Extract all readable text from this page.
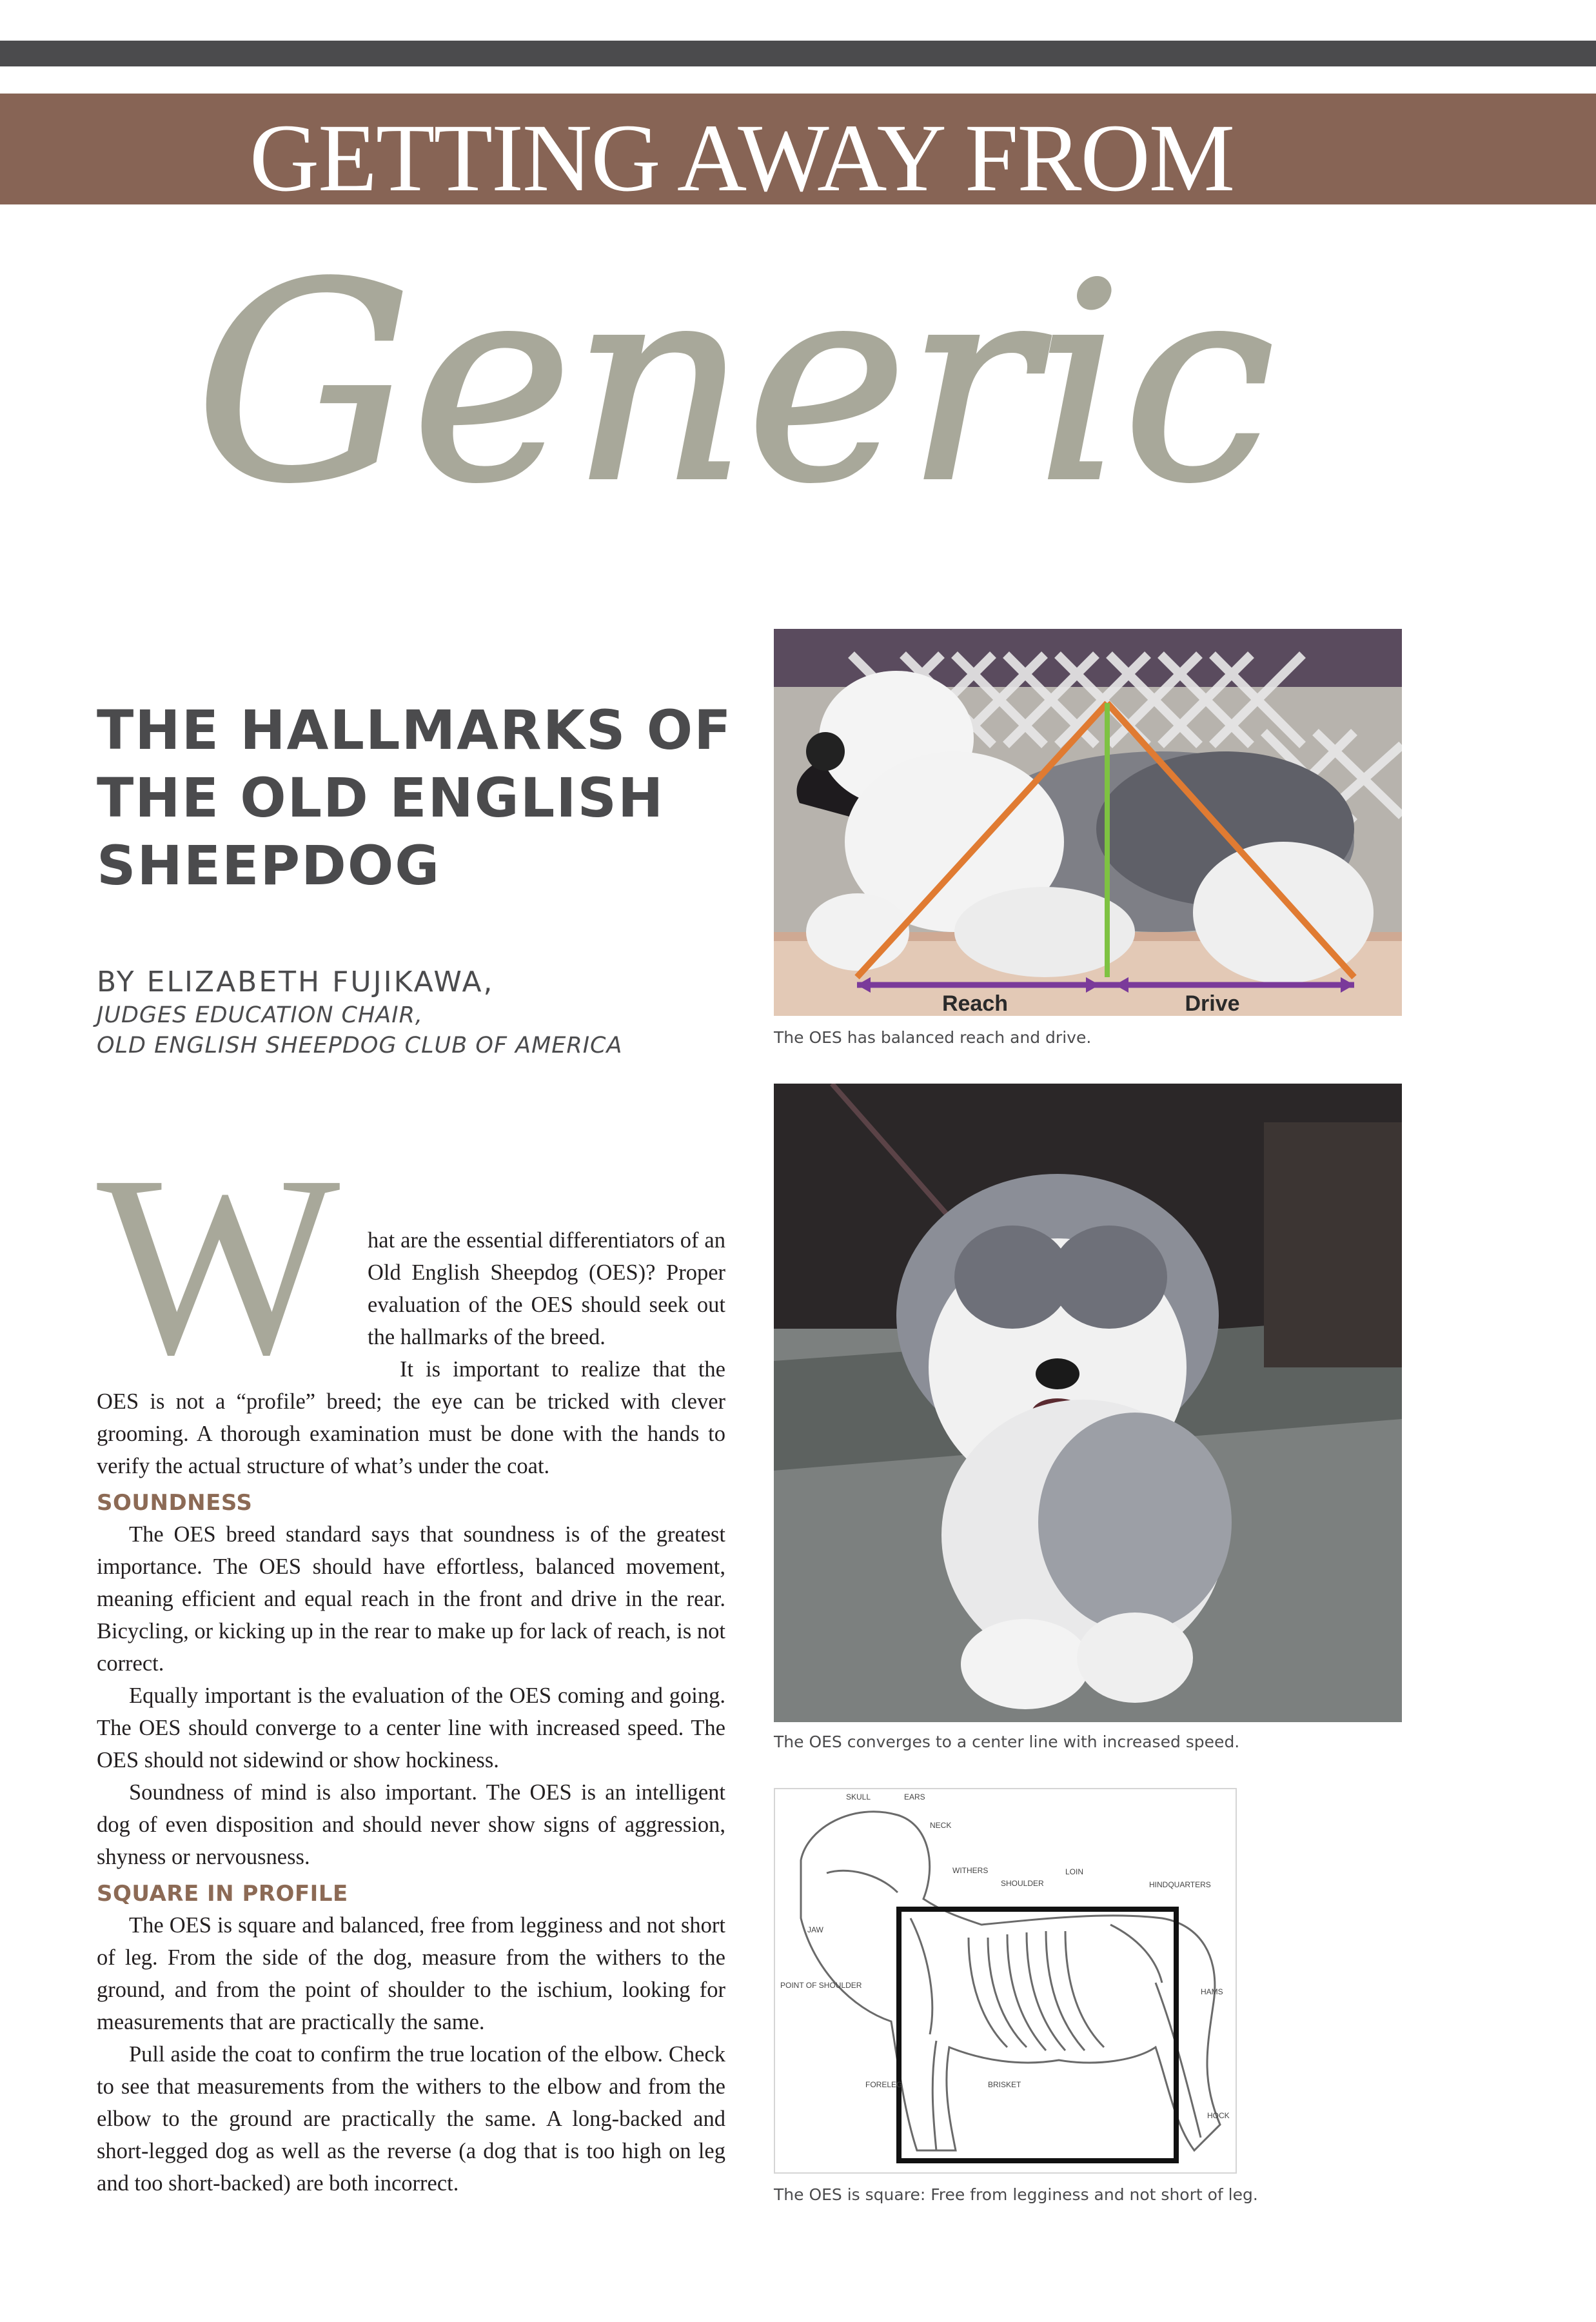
GETTING AWAY FROM
Generic
THE HALLMARKS OF
THE OLD ENGLISH
SHEEPDOG
BY ELIZABETH FUJIKAWA,
JUDGES EDUCATION CHAIR,
OLD ENGLISH SHEEPDOG CLUB OF AMERICA
W	hat are the essential differentiators of an Old English Sheepdog (OES)? Proper evaluation of the OES should seek out the hallmarks of the breed.

It is important to realize that the OES is not a “profile” breed; the eye can be tricked with clever grooming. A thorough examination must be done with the hands to verify the actual structure of what’s under the coat.

SOUNDNESS

The OES breed standard says that soundness is of the greatest importance. The OES should have effortless, balanced movement, meaning efficient and equal reach in the front and drive in the rear. Bicycling, or kicking up in the rear to make up for lack of reach, is not correct.

Equally important is the evaluation of the OES coming and going. The OES should converge to a center line with increased speed. The OES should not sidewind or show hockiness.

Soundness of mind is also important. The OES is an intelligent dog of even disposition and should never show signs of aggression, shyness or nervousness.

SQUARE IN PROFILE

The OES is square and balanced, free from legginess and not short of leg. From the side of the dog, measure from the withers to the ground, and from the point of shoulder to the ischium, looking for measurements that are practically the same.

Pull aside the coat to confirm the true location of the elbow. Check to see that measurements from the withers to the elbow and from the elbow to the ground are practically the same. A long-backed and short-legged dog as well as the reverse (a dog that is too high on leg and too short-backed) are both incorrect.

Reach	Drive
The OES has balanced reach and drive.
The OES converges to a center line with increased speed.
SKULL	EARS
NECK
WITHERS
SHOULDER
LOIN
HINDQUARTERS
JAW
POINT OF SHOULDER
HAMS
FORELEG	BRISKET
HOCK
The OES is square: Free from legginess and not short of leg.
